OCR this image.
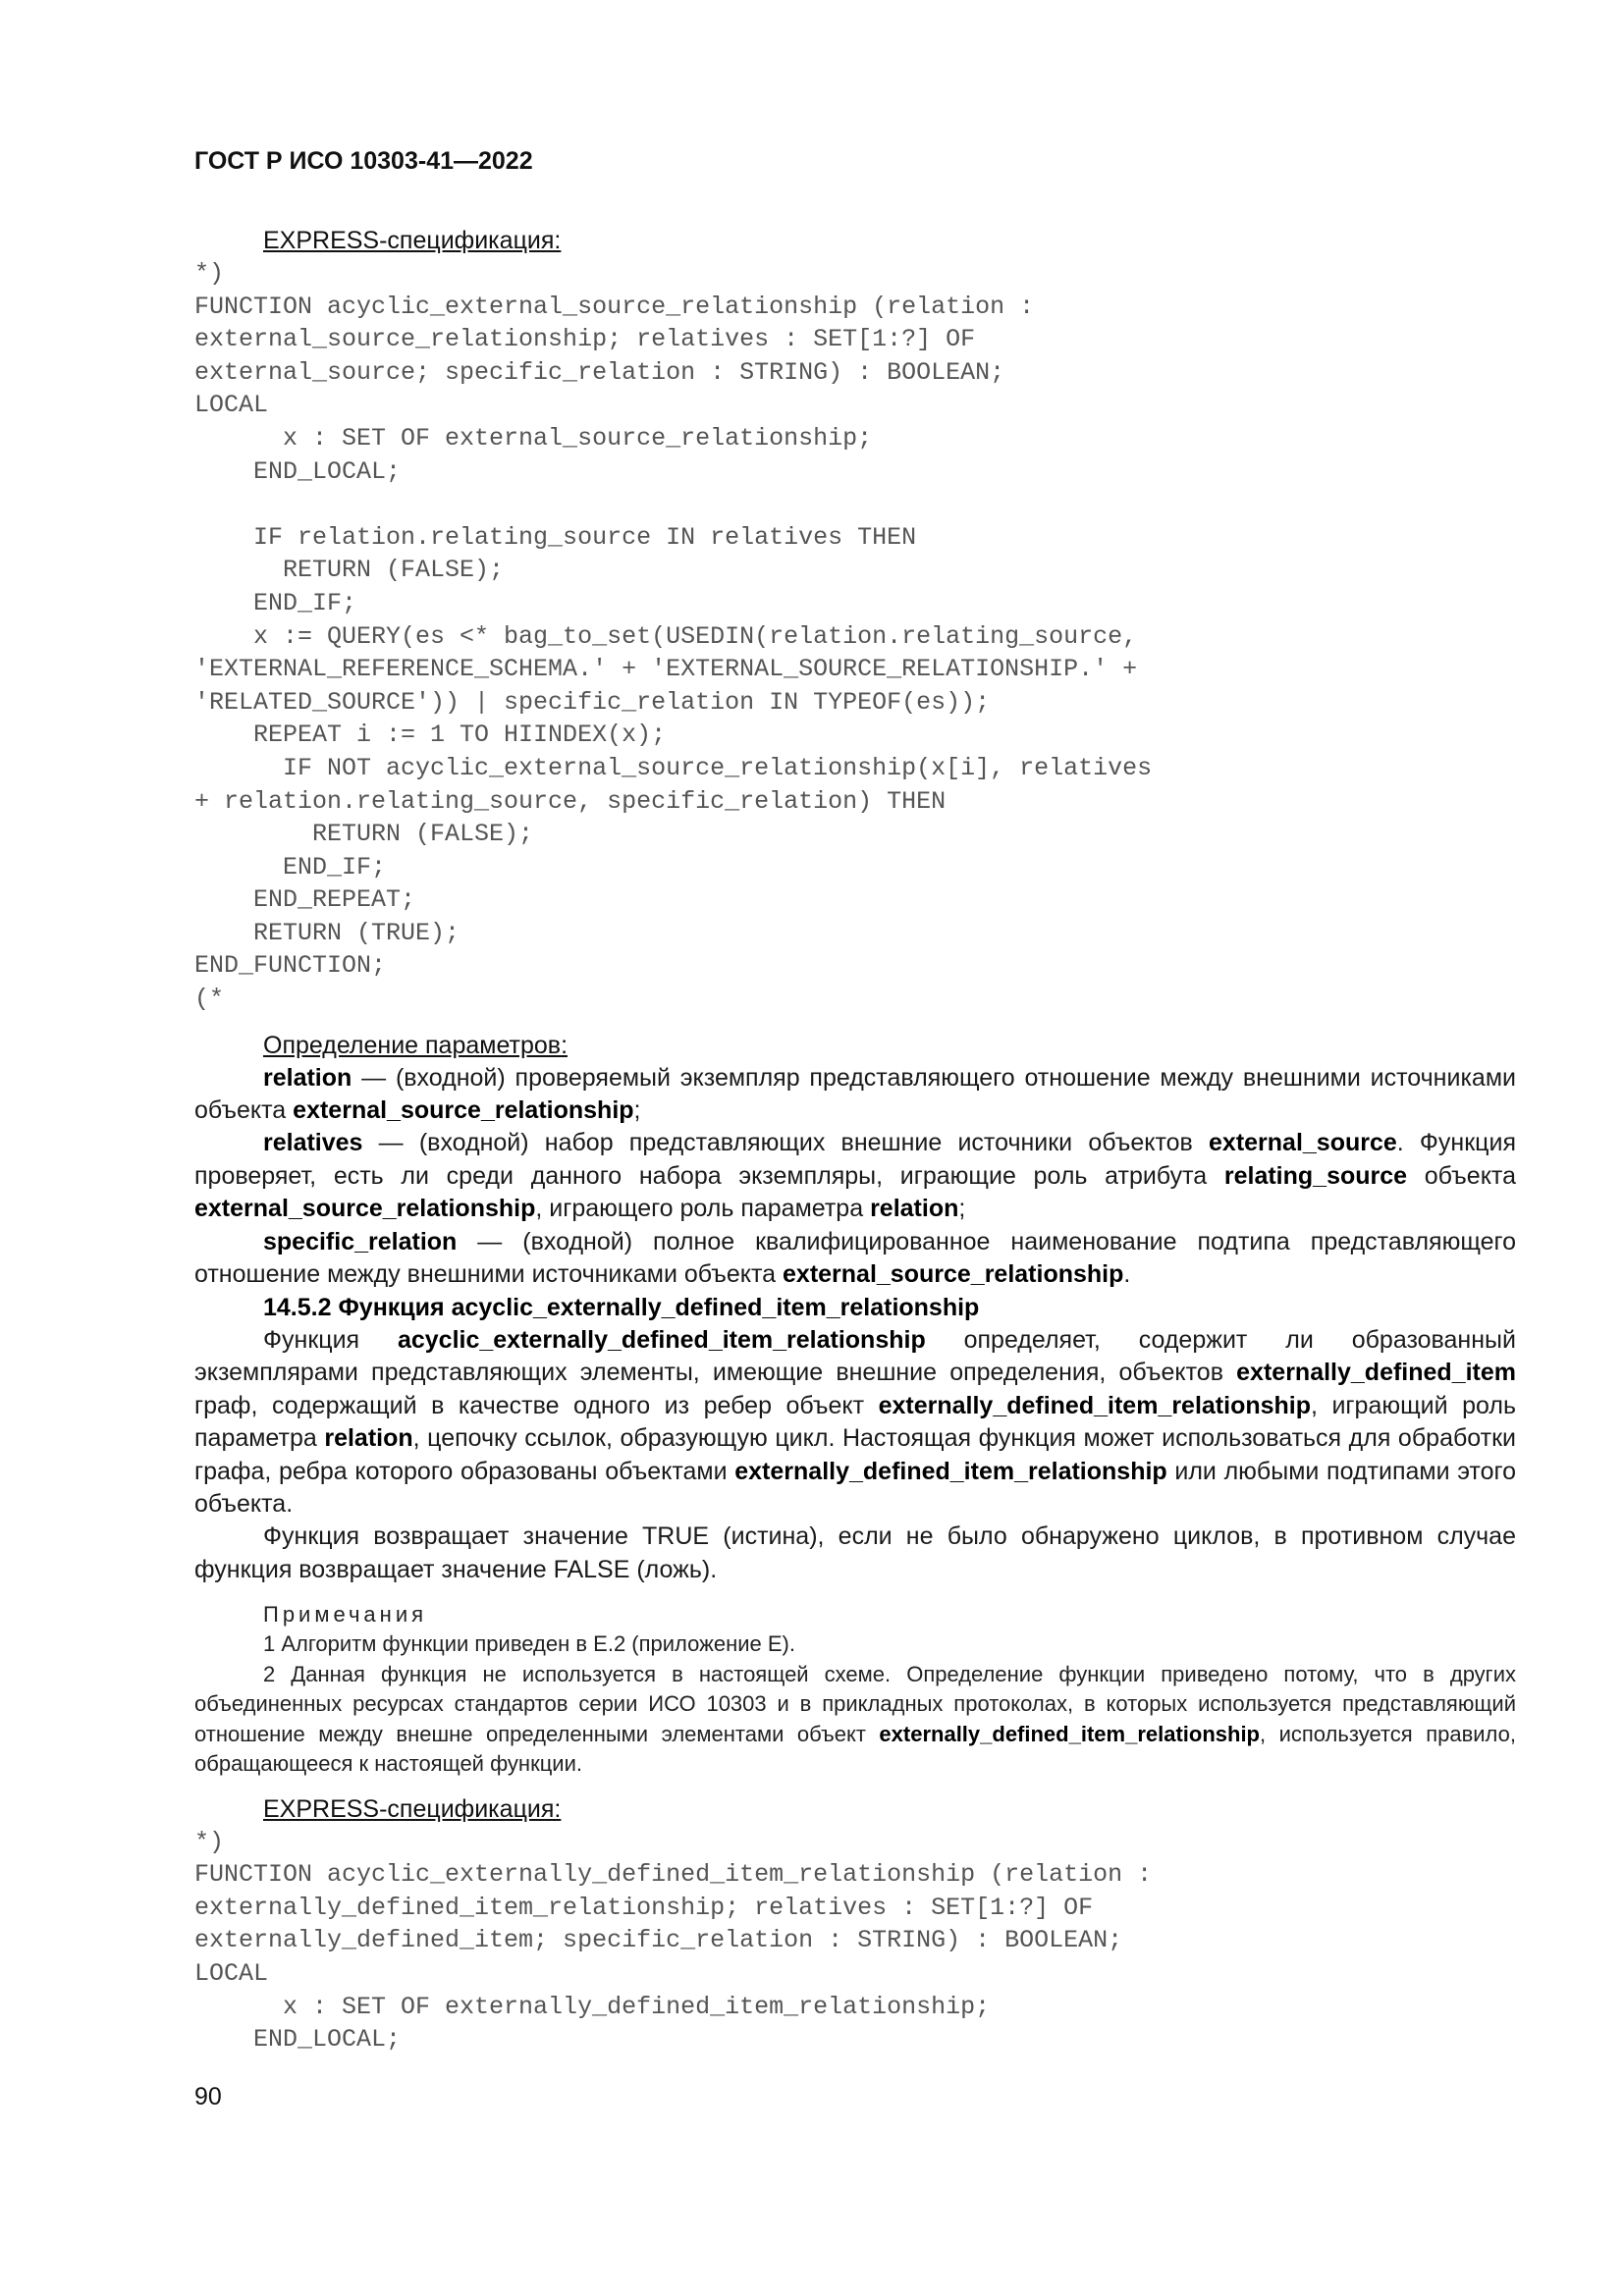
ГОСТ Р ИСО 10303-41—2022
EXPRESS-спецификация:
*)
FUNCTION acyclic_external_source_relationship (relation :
external_source_relationship; relatives : SET[1:?] OF
external_source; specific_relation : STRING) : BOOLEAN;
LOCAL
x : SET OF external_source_relationship;
END_LOCAL;

IF relation.relating_source IN relatives THEN
RETURN (FALSE);
END_IF;
x := QUERY(es <* bag_to_set(USEDIN(relation.relating_source,
'EXTERNAL_REFERENCE_SCHEMA.' + 'EXTERNAL_SOURCE_RELATIONSHIP.' +
'RELATED_SOURCE')) | specific_relation IN TYPEOF(es));
REPEAT i := 1 TO HIINDEX(x);
IF NOT acyclic_external_source_relationship(x[i], relatives
+ relation.relating_source, specific_relation) THEN
RETURN (FALSE);
END_IF;
END_REPEAT;
RETURN (TRUE);
END_FUNCTION;
(*
Определение параметров:

relation — (входной) проверяемый экземпляр представляющего отношение между внешними источниками объекта external_source_relationship;

relatives — (входной) набор представляющих внешние источники объектов external_source. Функция проверяет, есть ли среди данного набора экземпляры, играющие роль атрибута relating_source объекта external_source_relationship, играющего роль параметра relation;

specific_relation — (входной) полное квалифицированное наименование подтипа представляющего отношение между внешними источниками объекта external_source_relationship.

14.5.2 Функция acyclic_externally_defined_item_relationship

Функция acyclic_externally_defined_item_relationship определяет, содержит ли образованный экземплярами представляющих элементы, имеющие внешние определения, объектов externally_defined_item граф, содержащий в качестве одного из ребер объект externally_defined_item_relationship, играющий роль параметра relation, цепочку ссылок, образующую цикл. Настоящая функция может использоваться для обработки графа, ребра которого образованы объектами externally_defined_item_relationship или любыми подтипами этого объекта.

Функция возвращает значение TRUE (истина), если не было обнаружено циклов, в противном случае функция возвращает значение FALSE (ложь).

Примечания

1 Алгоритм функции приведен в Е.2 (приложение Е).

2 Данная функция не используется в настоящей схеме. Определение функции приведено потому, что в других объединенных ресурсах стандартов серии ИСО 10303 и в прикладных протоколах, в которых используется представляющий отношение между внешне определенными элементами объект externally_defined_item_relationship, используется правило, обращающееся к настоящей функции.

EXPRESS-спецификация:
*)
FUNCTION acyclic_externally_defined_item_relationship (relation :
externally_defined_item_relationship; relatives : SET[1:?] OF
externally_defined_item; specific_relation : STRING) : BOOLEAN;
LOCAL
x : SET OF externally_defined_item_relationship;
END_LOCAL;
90
